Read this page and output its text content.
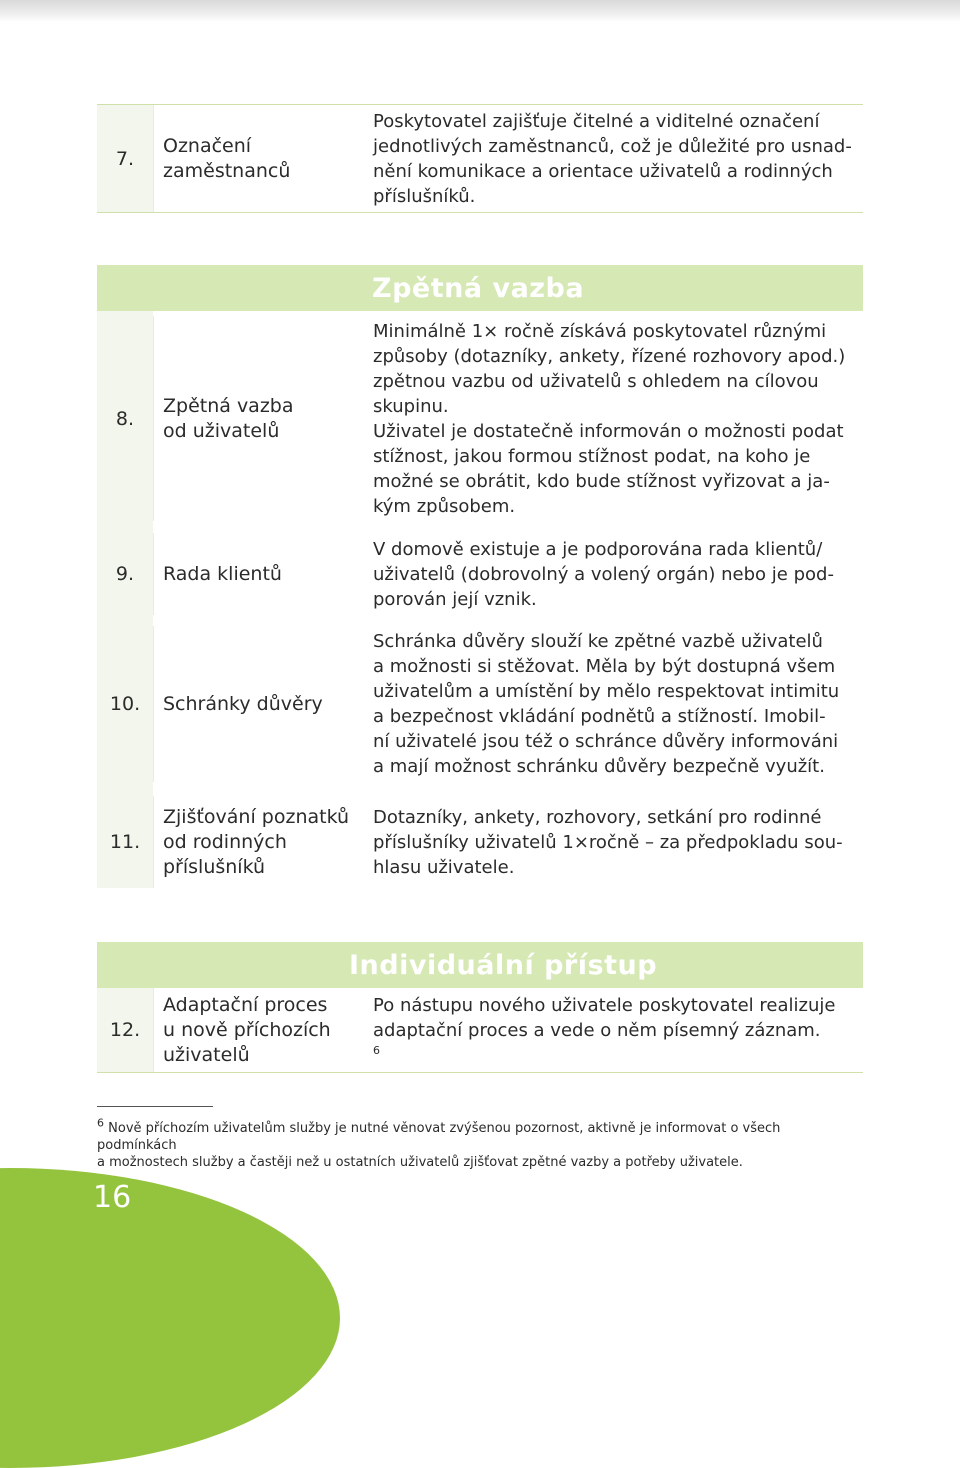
7.
Označení
zaměstnanců
Poskytovatel zajišťuje čitelné a viditelné označení
jednotlivých zaměstnanců, což je důležité pro usnad-
nění komunikace a orientace uživatelů a rodinných
příslušníků.
Zpětná vazba
8.
Zpětná vazba
od uživatelů
Minimálně 1× ročně získává poskytovatel různými
způsoby (dotazníky, ankety, řízené rozhovory apod.)
zpětnou vazbu od uživatelů s ohledem na cílovou
skupinu.
Uživatel je dostatečně informován o možnosti podat
stížnost, jakou formou stížnost podat, na koho je
možné se obrátit, kdo bude stížnost vyřizovat a ja-
kým způsobem.
9.	Rada klientů
V domově existuje a je podporována rada klientů/
uživatelů (dobrovolný a volený orgán) nebo je pod-
porován její vznik.
10.	Schránky důvěry
Schránka důvěry slouží ke zpětné vazbě uživatelů
a možnosti si stěžovat. Měla by být dostupná všem
uživatelům a umístění by mělo respektovat intimitu
a bezpečnost vkládání podnětů a stížností. Imobil-
ní uživatelé jsou též o schránce důvěry informováni
a mají možnost schránku důvěry bezpečně využít.
11.
Zjišťování poznatků
od rodinných
příslušníků
Dotazníky, ankety, rozhovory, setkání pro rodinné
příslušníky uživatelů 1×ročně – za předpokladu sou-
hlasu uživatele.
Individuální přístup
12.
Adaptační proces
u nově příchozích
uživatelů
Po nástupu nového uživatele poskytovatel realizuje
adaptační proces a vede o něm písemný záznam.
$^6$
$^6$ Nově příchozím uživatelům služby je nutné věnovat zvýšenou pozornost, aktivně je informovat o všech podmínkách
a možnostech služby a častěji než u ostatních uživatelů zjišťovat zpětné vazby a potřeby uživatele.
16
